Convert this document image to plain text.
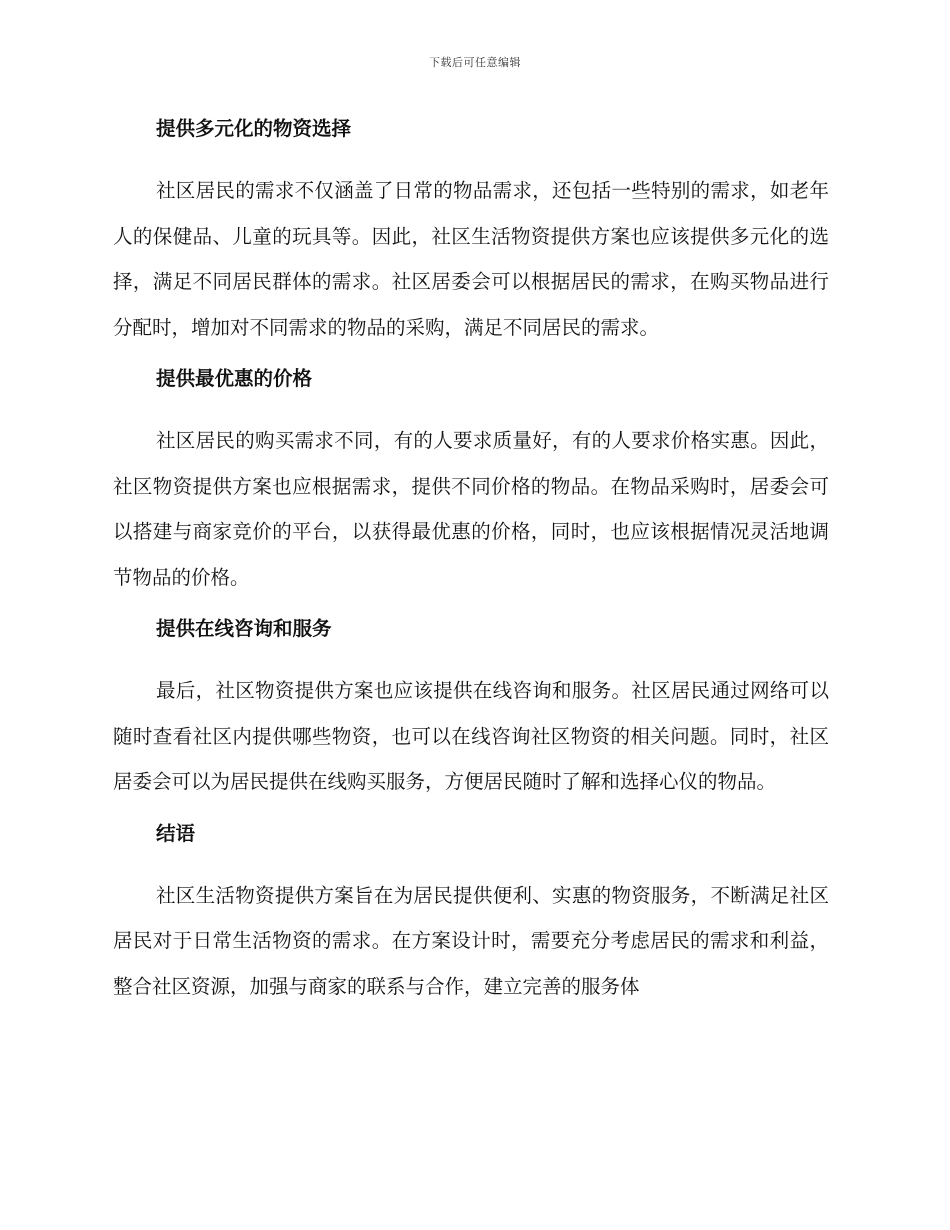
下载后可任意编辑

提供多元化的物资选择

社区居民的需求不仅涵盖了日常的物品需求，还包括一些特别的需求，如老年人的保健品、儿童的玩具等。因此，社区生活物资提供方案也应该提供多元化的选择，满足不同居民群体的需求。社区居委会可以根据居民的需求，在购买物品进行分配时，增加对不同需求的物品的采购，满足不同居民的需求。

提供最优惠的价格

社区居民的购买需求不同，有的人要求质量好，有的人要求价格实惠。因此，社区物资提供方案也应根据需求，提供不同价格的物品。在物品采购时，居委会可以搭建与商家竞价的平台，以获得最优惠的价格，同时，也应该根据情况灵活地调节物品的价格。

提供在线咨询和服务

最后，社区物资提供方案也应该提供在线咨询和服务。社区居民通过网络可以随时查看社区内提供哪些物资，也可以在线咨询社区物资的相关问题。同时，社区居委会可以为居民提供在线购买服务，方便居民随时了解和选择心仪的物品。

结语

社区生活物资提供方案旨在为居民提供便利、实惠的物资服务，不断满足社区居民对于日常生活物资的需求。在方案设计时，需要充分考虑居民的需求和利益，整合社区资源，加强与商家的联系与合作，建立完善的服务体
